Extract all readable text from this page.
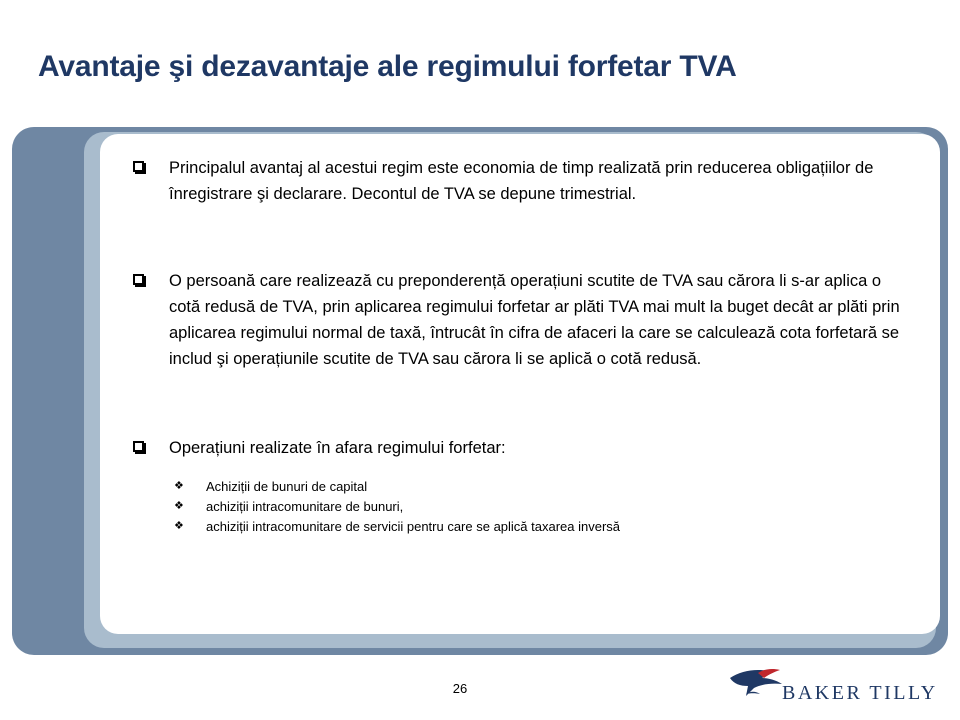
Avantaje şi dezavantaje ale regimului forfetar TVA
Principalul avantaj al acestui regim este economia de timp realizată prin reducerea obligațiilor de înregistrare şi declarare. Decontul de TVA se depune trimestrial.
O persoană care realizează cu preponderență operațiuni scutite de TVA sau cărora li s-ar aplica o cotă redusă de TVA, prin aplicarea regimului forfetar ar plăti TVA mai mult la buget decât ar plăti prin aplicarea regimului normal de taxă, întrucât în cifra de afaceri la care se calculează cota forfetară se includ şi operațiunile scutite de TVA sau cărora li se aplică o cotă redusă.
Operațiuni realizate în afara regimului forfetar:
❖ Achiziții de bunuri de capital
❖ achiziții intracomunitare de bunuri,
❖ achiziții intracomunitare de servicii pentru care se aplică taxarea inversă
26	BAKER TILLY
